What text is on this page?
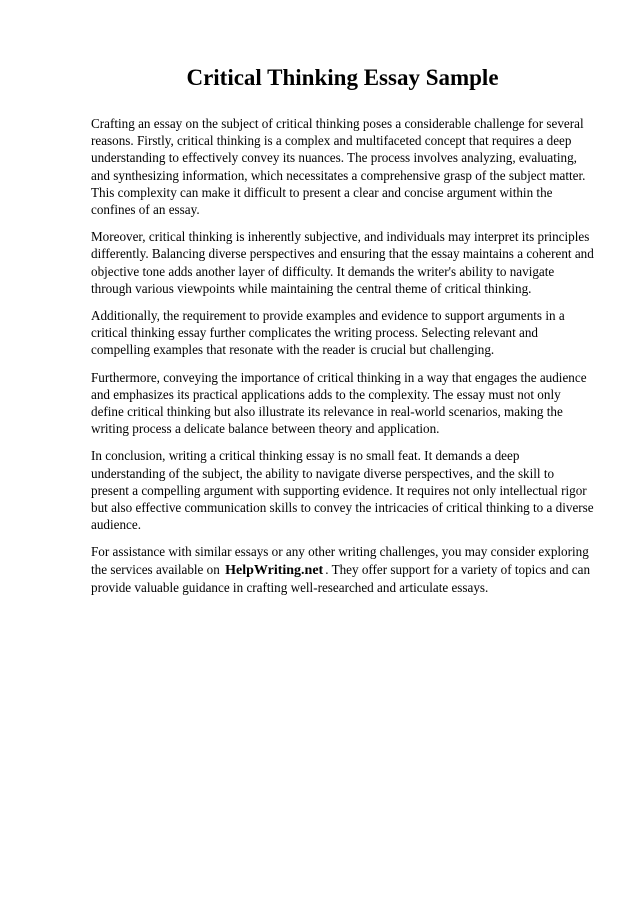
Critical Thinking Essay Sample

Crafting an essay on the subject of critical thinking poses a considerable challenge for several reasons. Firstly, critical thinking is a complex and multifaceted concept that requires a deep understanding to effectively convey its nuances. The process involves analyzing, evaluating, and synthesizing information, which necessitates a comprehensive grasp of the subject matter. This complexity can make it difficult to present a clear and concise argument within the confines of an essay.

Moreover, critical thinking is inherently subjective, and individuals may interpret its principles differently. Balancing diverse perspectives and ensuring that the essay maintains a coherent and objective tone adds another layer of difficulty. It demands the writer's ability to navigate through various viewpoints while maintaining the central theme of critical thinking.

Additionally, the requirement to provide examples and evidence to support arguments in a critical thinking essay further complicates the writing process. Selecting relevant and compelling examples that resonate with the reader is crucial but challenging.

Furthermore, conveying the importance of critical thinking in a way that engages the audience and emphasizes its practical applications adds to the complexity. The essay must not only define critical thinking but also illustrate its relevance in real-world scenarios, making the writing process a delicate balance between theory and application.

In conclusion, writing a critical thinking essay is no small feat. It demands a deep understanding of the subject, the ability to navigate diverse perspectives, and the skill to present a compelling argument with supporting evidence. It requires not only intellectual rigor but also effective communication skills to convey the intricacies of critical thinking to a diverse audience.

For assistance with similar essays or any other writing challenges, you may consider exploring the services available on HelpWriting.net . They offer support for a variety of topics and can provide valuable guidance in crafting well-researched and articulate essays.
